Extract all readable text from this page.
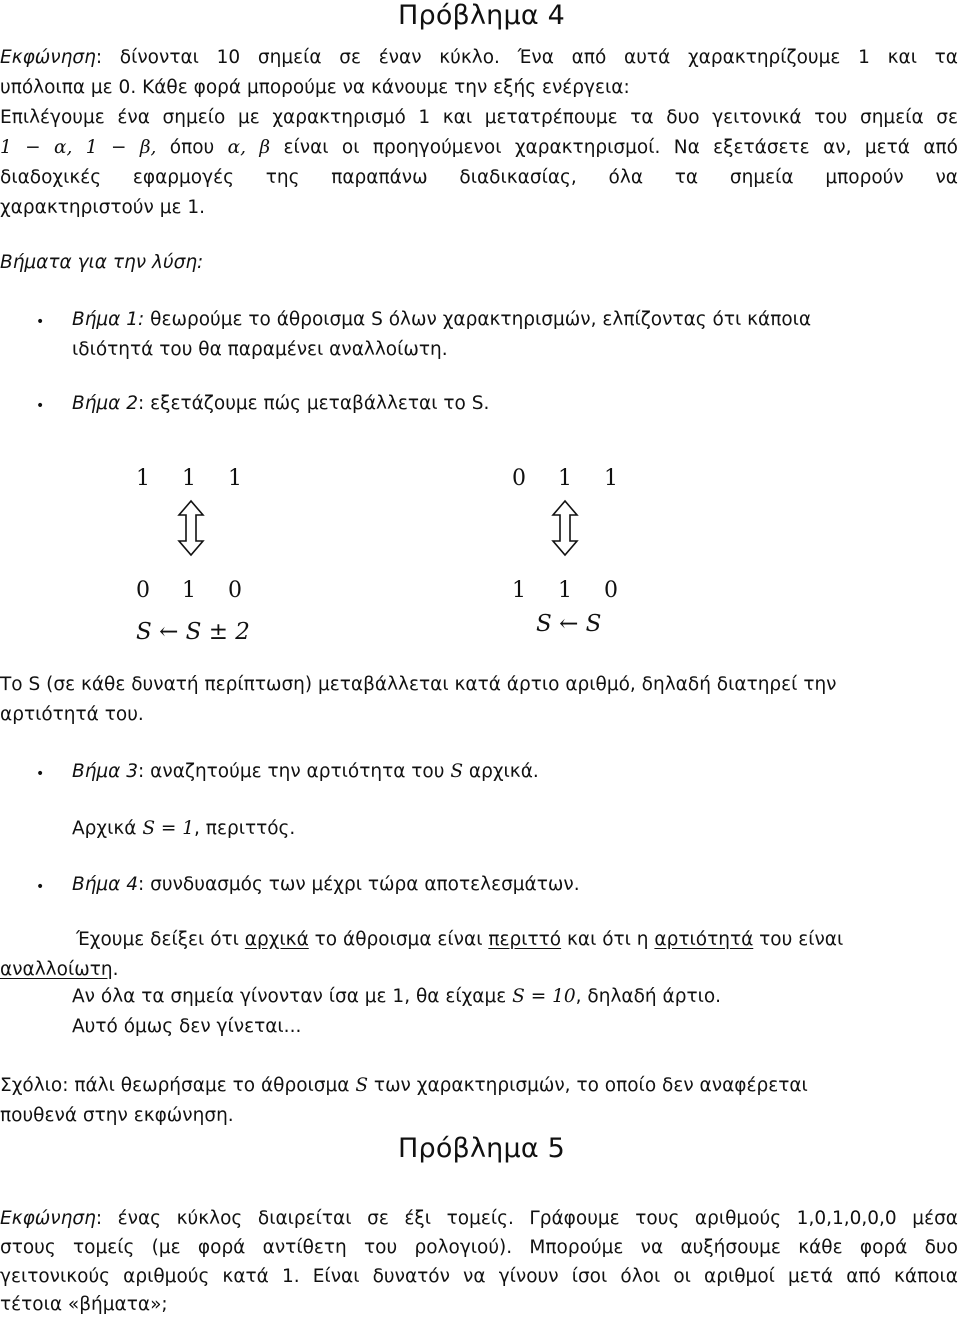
Πρόβλημα 4
Εκφώνηση: δίνονται 10 σημεία σε έναν κύκλο. Ένα από αυτά χαρακτηρίζουμε 1 και τα
υπόλοιπα με 0. Κάθε φορά μπορούμε να κάνουμε την εξής ενέργεια:
Επιλέγουμε ένα σημείο με χαρακτηρισμό 1 και μετατρέπουμε τα δυο γειτονικά του σημεία σε
1 − α, 1 − β, όπου α, β είναι οι προηγούμενοι χαρακτηρισμοί. Να εξετάσετε αν, μετά από
διαδοχικές εφαρμογές της παραπάνω διαδικασίας, όλα τα σημεία μπορούν να
χαρακτηριστούν με 1.
Βήματα για την λύση:
• Βήμα 1: θεωρούμε το άθροισμα S όλων χαρακτηρισμών, ελπίζοντας ότι κάποια
ιδιότητά του θα παραμένει αναλλοίωτη.
• Βήμα 2: εξετάζουμε πώς μεταβάλλεται το S.
1 1 1
0 1 0
S ← S ± 2
0 1 1
1 1 0
S ← S
Το S (σε κάθε δυνατή περίπτωση) μεταβάλλεται κατά άρτιο αριθμό, δηλαδή διατηρεί την
αρτιότητά του.
• Βήμα 3: αναζητούμε την αρτιότητα του S αρχικά.
Αρχικά S = 1, περιττός.
• Βήμα 4: συνδυασμός των μέχρι τώρα αποτελεσμάτων.
Έχουμε δείξει ότι αρχικά το άθροισμα είναι περιττό και ότι η αρτιότητά του είναι
αναλλοίωτη.
Αν όλα τα σημεία γίνονταν ίσα με 1, θα είχαμε S = 10, δηλαδή άρτιο.
Αυτό όμως δεν γίνεται...
Σχόλιο: πάλι θεωρήσαμε το άθροισμα S των χαρακτηρισμών, το οποίο δεν αναφέρεται
πουθενά στην εκφώνηση.
Πρόβλημα 5
Εκφώνηση: ένας κύκλος διαιρείται σε έξι τομείς. Γράφουμε τους αριθμούς 1,0,1,0,0,0 μέσα
στους τομείς (με φορά αντίθετη του ρολογιού). Μπορούμε να αυξήσουμε κάθε φορά δυο
γειτονικούς αριθμούς κατά 1. Είναι δυνατόν να γίνουν ίσοι όλοι οι αριθμοί μετά από κάποια
τέτοια «βήματα»;
